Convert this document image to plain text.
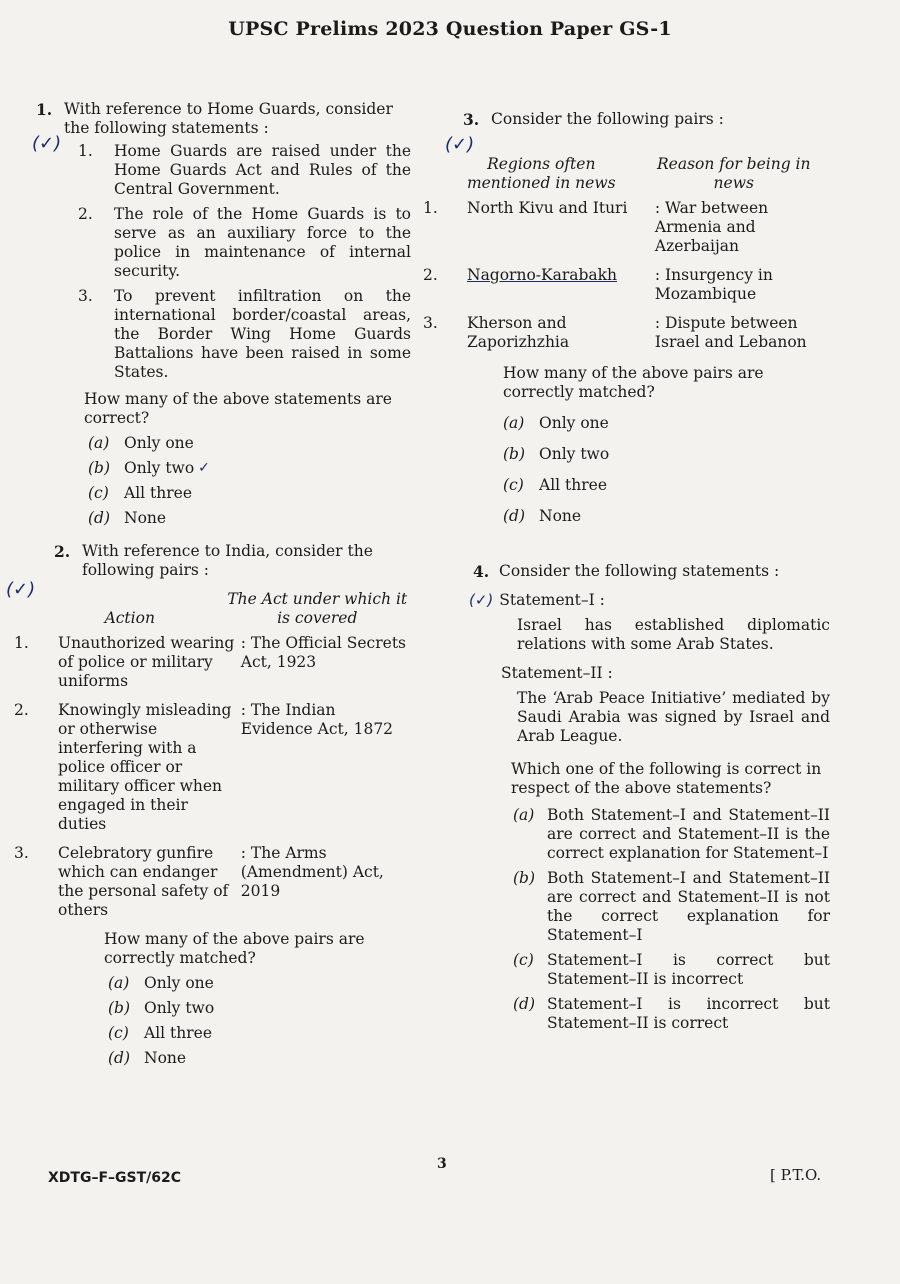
UPSC Prelims 2023 Question Paper GS-1
1. With reference to Home Guards, consider the following statements :
(✓)	1.	Home Guards are raised under the Home Guards Act and Rules of the Central Government.
2.	The role of the Home Guards is to serve as an auxiliary force to the police in maintenance of internal security.
3.	To prevent infiltration on the international border/coastal areas, the Border Wing Home Guards Battalions have been raised in some States.
How many of the above statements are correct?
(a) Only one
(b) Only two ✓
(c) All three
(d) None
2. With reference to India, consider the following pairs :
(✓)
Action
The Act under which it is covered
1. Unauthorized wearing of police or military uniforms
: The Official Secrets Act, 1923
2. Knowingly misleading or otherwise interfering with a police officer or military officer when engaged in their duties
: The Indian Evidence Act, 1872
3. Celebratory gunfire which can endanger the personal safety of others
: The Arms (Amendment) Act, 2019
How many of the above pairs are correctly matched?
(a) Only one
(b) Only two
(c) All three
(d) None
3. Consider the following pairs :
(✓)
Regions often mentioned in news
Reason for being in news
1. North Kivu and Ituri	: War between Armenia and Azerbaijan
2. Nagorno-Karabakh	: Insurgency in Mozambique
3. Kherson and Zaporizhzhia
: Dispute between Israel and Lebanon
How many of the above pairs are correctly matched?
(a) Only one
(b) Only two
(c) All three
(d) None
4. Consider the following statements :
(✓) Statement–I :
Israel has established diplomatic relations with some Arab States.
Statement–II :
The ‘Arab Peace Initiative’ mediated by Saudi Arabia was signed by Israel and Arab League.
Which one of the following is correct in respect of the above statements?
(a) Both Statement–I and Statement–II are correct and Statement–II is the correct explanation for Statement–I
(b) Both Statement–I and Statement–II are correct and Statement–II is not the correct explanation for Statement–I
(c) Statement–I is correct but Statement–II is incorrect
(d) Statement–I is incorrect but Statement–II is correct
XDTG–F–GST/62C
3
[ P.T.O.
